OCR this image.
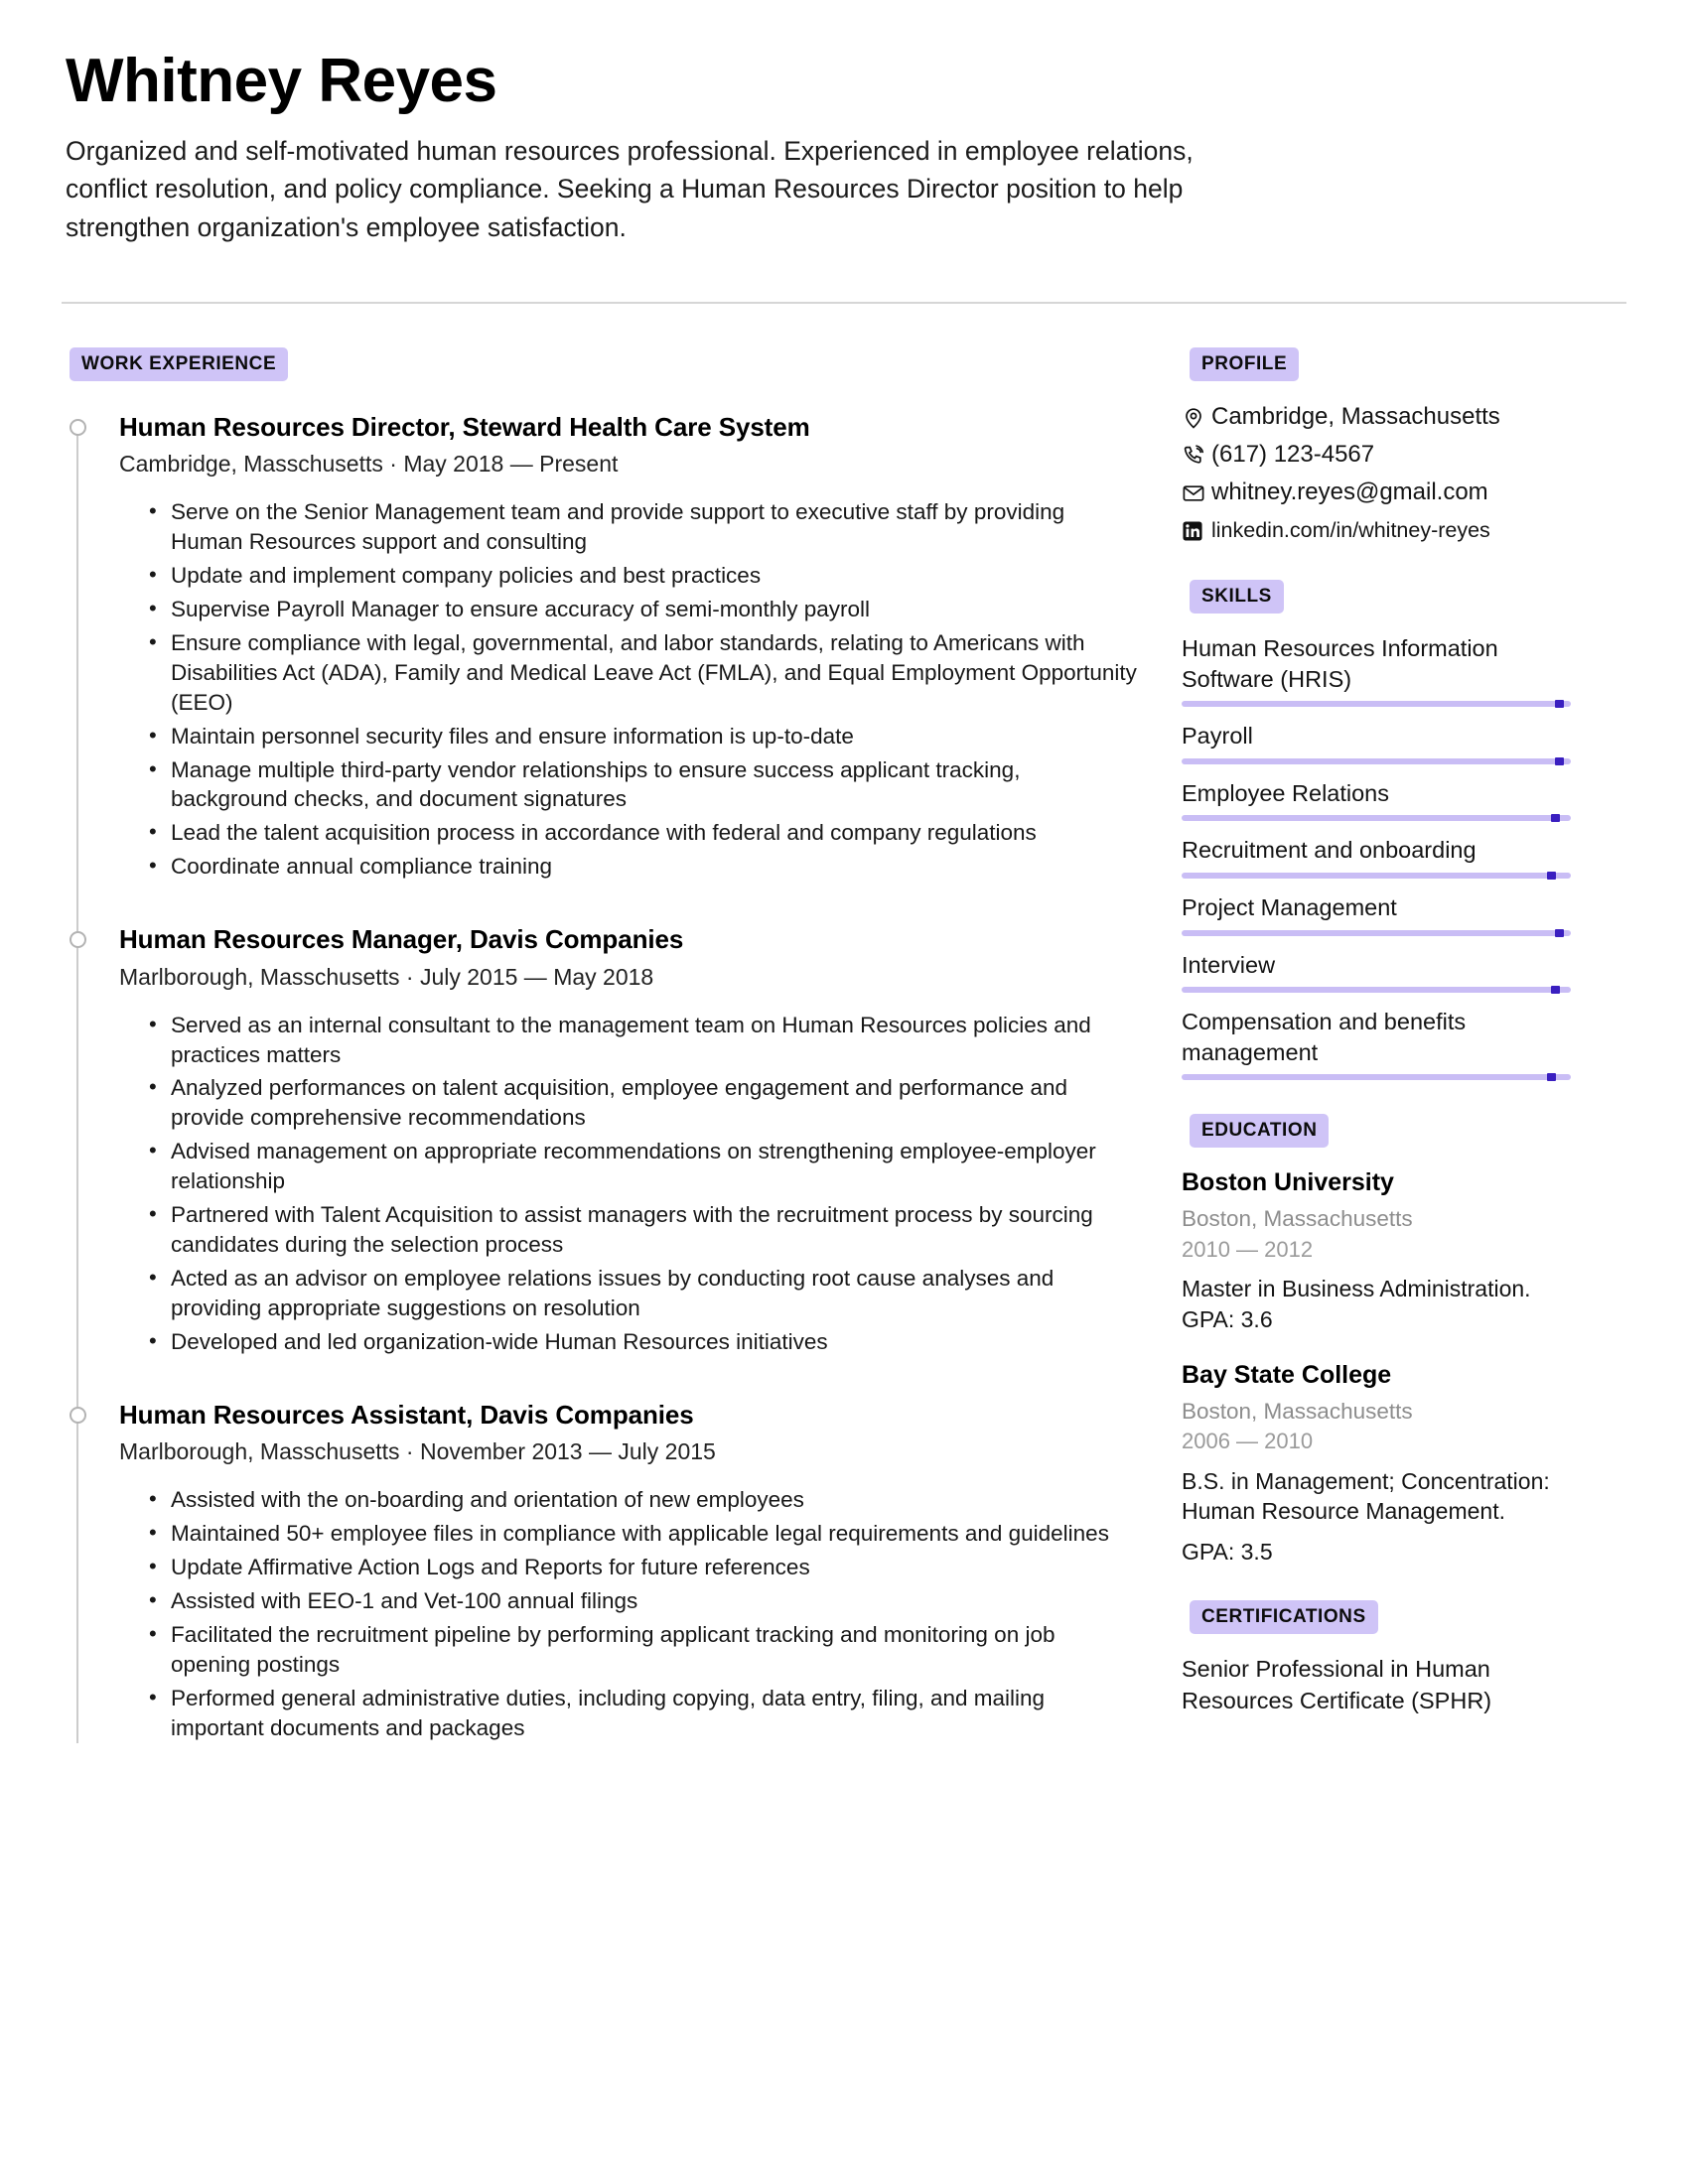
Whitney Reyes

Organized and self-motivated human resources professional. Experienced in employee relations, conflict resolution, and policy compliance. Seeking a Human Resources Director position to help strengthen organization's employee satisfaction.

WORK EXPERIENCE
Human Resources Director, Steward Health Care System
Cambridge, Masschusetts · May 2018 — Present
• Serve on the Senior Management team and provide support to executive staff by providing Human Resources support and consulting
• Update and implement company policies and best practices
• Supervise Payroll Manager to ensure accuracy of semi-monthly payroll
• Ensure compliance with legal, governmental, and labor standards, relating to Americans with Disabilities Act (ADA), Family and Medical Leave Act (FMLA), and Equal Employment Opportunity (EEO)
• Maintain personnel security files and ensure information is up-to-date
• Manage multiple third-party vendor relationships to ensure success applicant tracking, background checks, and document signatures
• Lead the talent acquisition process in accordance with federal and company regulations
• Coordinate annual compliance training
Human Resources Manager, Davis Companies
Marlborough, Masschusetts · July 2015 — May 2018
• Served as an internal consultant to the management team on Human Resources policies and practices matters
• Analyzed performances on talent acquisition, employee engagement and performance and provide comprehensive recommendations
• Advised management on appropriate recommendations on strengthening employee-employer relationship
• Partnered with Talent Acquisition to assist managers with the recruitment process by sourcing candidates during the selection process
• Acted as an advisor on employee relations issues by conducting root cause analyses and providing appropriate suggestions on resolution
• Developed and led organization-wide Human Resources initiatives
Human Resources Assistant, Davis Companies
Marlborough, Masschusetts · November 2013 — July 2015
• Assisted with the on-boarding and orientation of new employees
• Maintained 50+ employee files in compliance with applicable legal requirements and guidelines
• Update Affirmative Action Logs and Reports for future references
• Assisted with EEO-1 and Vet-100 annual filings
• Facilitated the recruitment pipeline by performing applicant tracking and monitoring on job opening postings
• Performed general administrative duties, including copying, data entry, filing, and mailing important documents and packages
PROFILE
Cambridge, Massachusetts
(617) 123-4567
whitney.reyes@gmail.com
linkedin.com/in/whitney-reyes
SKILLS
Human Resources Information Software (HRIS)
Payroll
Employee Relations
Recruitment and onboarding
Project Management
Interview
Compensation and benefits management
EDUCATION
Boston University
Boston, Massachusetts
2010 — 2012
Master in Business Administration. GPA: 3.6
Bay State College
Boston, Massachusetts
2006 — 2010
B.S. in Management; Concentration: Human Resource Management.
GPA: 3.5
CERTIFICATIONS
Senior Professional in Human Resources Certificate (SPHR)
